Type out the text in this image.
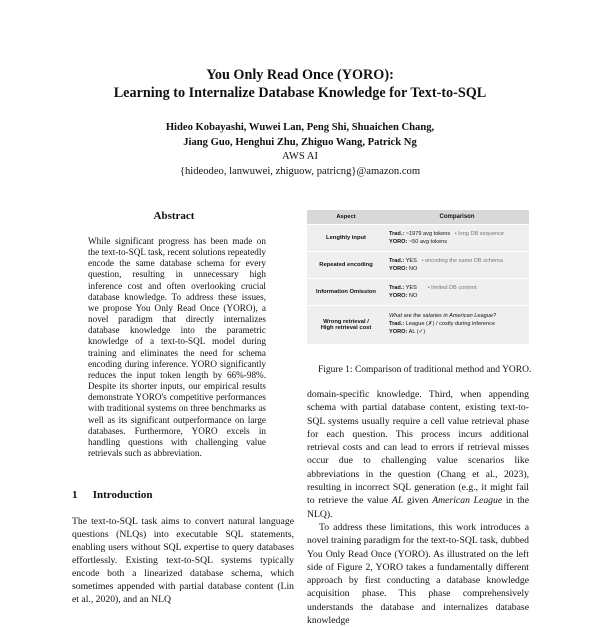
You Only Read Once (YORO):
Learning to Internalize Database Knowledge for Text-to-SQL
Hideo Kobayashi, Wuwei Lan, Peng Shi, Shuaichen Chang,
Jiang Guo, Henghui Zhu, Zhiguo Wang, Patrick Ng
AWS AI
{hideodeo, lanwuwei, zhiguow, patricng}@amazon.com
Abstract
While significant progress has been made on the text-to-SQL task, recent solutions repeatedly encode the same database schema for every question, resulting in unnecessary high inference cost and often overlooking crucial database knowledge. To address these issues, we propose You Only Read Once (YORO), a novel paradigm that directly internalizes database knowledge into the parametric knowledge of a text-to-SQL model during training and eliminates the need for schema encoding during inference. YORO significantly reduces the input token length by 66%-98%. Despite its shorter inputs, our empirical results demonstrate YORO's competitive performances with traditional systems on three benchmarks as well as its significant outperformance on large databases. Furthermore, YORO excels in handling questions with challenging value retrievals such as abbreviation.
1 Introduction
The text-to-SQL task aims to convert natural language questions (NLQs) into executable SQL statements, enabling users without SQL expertise to query databases effortlessly. Existing text-to-SQL systems typically encode both a linearized database schema, which sometimes appended with partial database content (Lin et al., 2020), and an NLQ
Aspect	Comparison
Lengthly input
Trad.: ~1979 avg tokens • long DB sequence
YORO: ~50 avg tokens
Repeated encoding
Trad.: YES • encoding the same DB schema
YORO: NO
Information Omission
Trad.: YES • limited DB content
YORO: NO
Wrong retrieval /
High retrieval cost
What are the salaries in American League?
Trad.: League (✗) / costly during inference
YORO: AL (✓)
Figure 1: Comparison of traditional method and YORO.

domain-specific knowledge. Third, when appending schema with partial database content, existing text-to-SQL systems usually require a cell value retrieval phase for each question. This process incurs additional retrieval costs and can lead to errors if retrieval misses occur due to challenging value scenarios like abbreviations in the question (Chang et al., 2023), resulting in incorrect SQL generation (e.g., it might fail to retrieve the value AL given American League in the NLQ).

To address these limitations, this work introduces a novel training paradigm for the text-to-SQL task, dubbed You Only Read Once (YORO). As illustrated on the left side of Figure 2, YORO takes a fundamentally different approach by first conducting a database knowledge acquisition phase. This phase comprehensively understands the database and internalizes database knowledge
